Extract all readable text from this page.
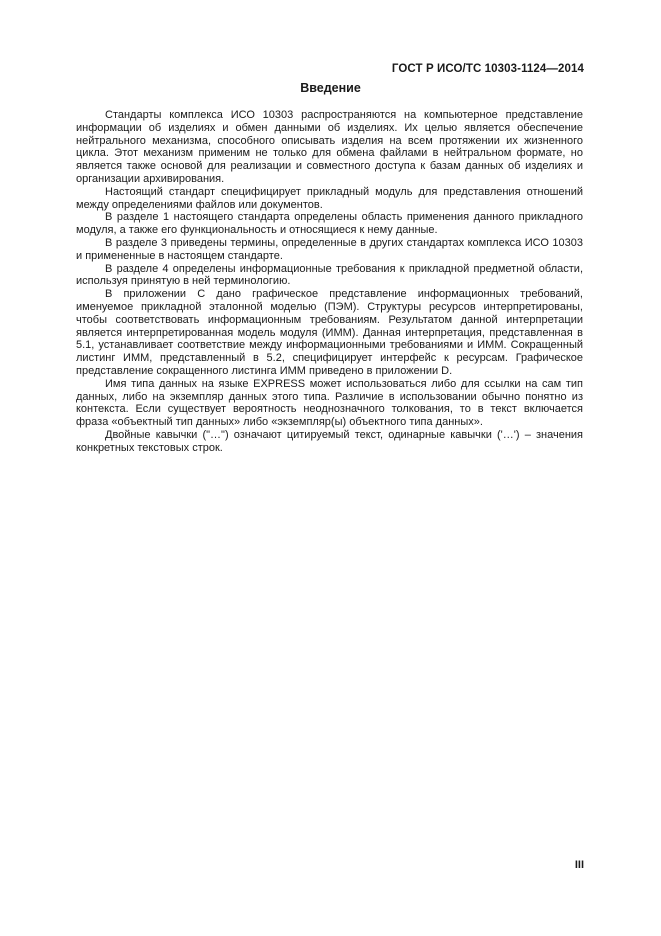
ГОСТ Р ИСО/ТС 10303-1124—2014
Введение

Стандарты комплекса ИСО 10303 распространяются на компьютерное представление информации об изделиях и обмен данными об изделиях. Их целью является обеспечение нейтрального механизма, способного описывать изделия на всем протяжении их жизненного цикла. Этот механизм применим не только для обмена файлами в нейтральном формате, но является также основой для реализации и совместного доступа к базам данных об изделиях и организации архивирования.

Настоящий стандарт специфицирует прикладный модуль для представления отношений между определениями файлов или документов.

В разделе 1 настоящего стандарта определены область применения данного прикладного модуля, а также его функциональность и относящиеся к нему данные.

В разделе 3 приведены термины, определенные в других стандартах комплекса ИСО 10303 и примененные в настоящем стандарте.

В разделе 4 определены информационные требования к прикладной предметной области, используя принятую в ней терминологию.

В приложении С дано графическое представление информационных требований, именуемое прикладной эталонной моделью (ПЭМ). Структуры ресурсов интерпретированы, чтобы соответствовать информационным требованиям. Результатом данной интерпретации является интерпретированная модель модуля (ИММ). Данная интерпретация, представленная в 5.1, устанавливает соответствие между информационными требованиями и ИММ. Сокращенный листинг ИММ, представленный в 5.2, специфицирует интерфейс к ресурсам. Графическое представление сокращенного листинга ИММ приведено в приложении D.

Имя типа данных на языке EXPRESS может использоваться либо для ссылки на сам тип данных, либо на экземпляр данных этого типа. Различие в использовании обычно понятно из контекста. Если существует вероятность неоднозначного толкования, то в текст включается фраза «объектный тип данных» либо «экземпляр(ы) объектного типа данных».

Двойные кавычки ("…") означают цитируемый текст, одинарные кавычки ('…') – значения конкретных текстовых строк.

III
